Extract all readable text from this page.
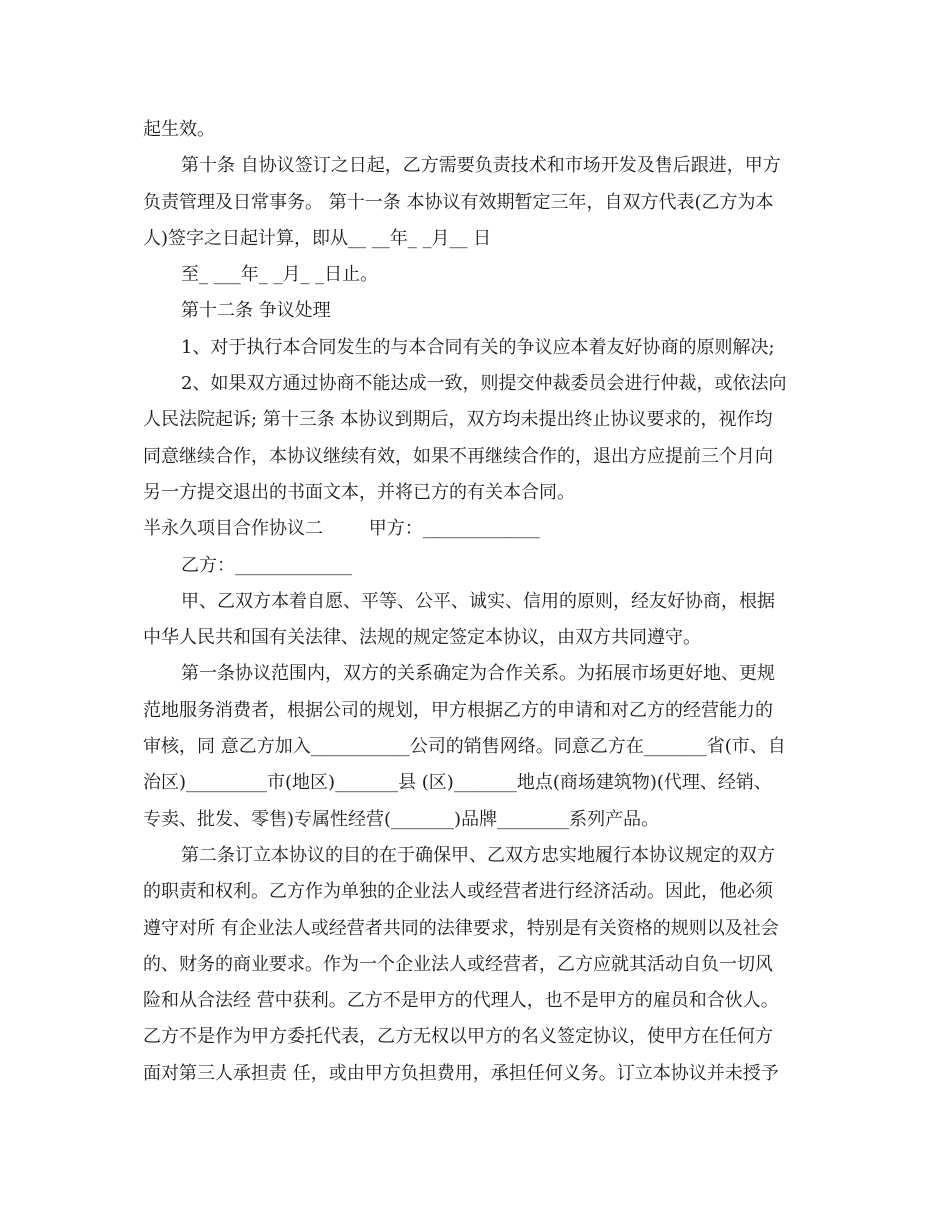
起生效。
第十条 自协议签订之日起，乙方需要负责技术和市场开发及售后跟进，甲方
负责管理及日常事务。 第十一条 本协议有效期暂定三年，自双方代表(乙方为本
人)签字之日起计算，即从__ __年_ _月__ 日
至_ ___年_ _月_ _日止。
第十二条 争议处理
1、对于执行本合同发生的与本合同有关的争议应本着友好协商的原则解决;
2、如果双方通过协商不能达成一致，则提交仲裁委员会进行仲裁，或依法向
人民法院起诉; 第十三条 本协议到期后，双方均未提出终止协议要求的，视作均
同意继续合作，本协议继续有效，如果不再继续合作的，退出方应提前三个月向
另一方提交退出的书面文本，并将已方的有关本合同。
半永久项目合作协议二        甲方：_____________
乙方：_____________
甲、乙双方本着自愿、平等、公平、诚实、信用的原则，经友好协商，根据
中华人民共和国有关法律、法规的规定签定本协议，由双方共同遵守。
第一条协议范围内，双方的关系确定为合作关系。为拓展市场更好地、更规
范地服务消费者，根据公司的规划，甲方根据乙方的申请和对乙方的经营能力的
审核，同 意乙方加入___________公司的销售网络。同意乙方在_______省(市、自
治区)_________市(地区)_______县 (区)_______地点(商场建筑物)(代理、经销、
专卖、批发、零售)专属性经营(_______)品牌________系列产品。
第二条订立本协议的目的在于确保甲、乙双方忠实地履行本协议规定的双方
的职责和权利。乙方作为单独的企业法人或经营者进行经济活动。因此，他必须
遵守对所 有企业法人或经营者共同的法律要求，特别是有关资格的规则以及社会
的、财务的商业要求。作为一个企业法人或经营者，乙方应就其活动自负一切风
险和从合法经 营中获利。乙方不是甲方的代理人，也不是甲方的雇员和合伙人。
乙方不是作为甲方委托代表，乙方无权以甲方的名义签定协议，使甲方在任何方
面对第三人承担责 任，或由甲方负担费用，承担任何义务。订立本协议并未授予
